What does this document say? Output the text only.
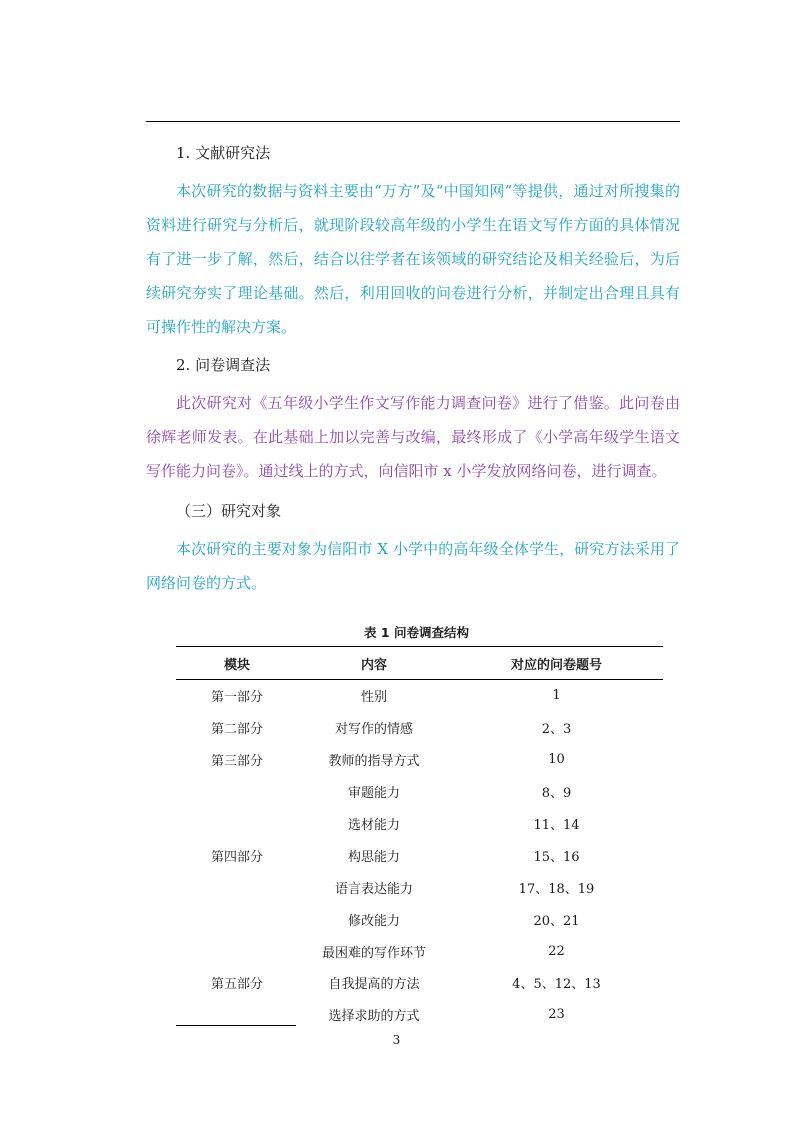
1. 文献研究法

本次研究的数据与资料主要由“万方”及“中国知网”等提供，通过对所搜集的资料进行研究与分析后，就现阶段较高年级的小学生在语文写作方面的具体情况有了进一步了解，然后，结合以往学者在该领域的研究结论及相关经验后，为后续研究夯实了理论基础。然后，利用回收的问卷进行分析，并制定出合理且具有可操作性的解决方案。

2. 问卷调查法

此次研究对《五年级小学生作文写作能力调查问卷》进行了借鉴。此问卷由徐辉老师发表。在此基础上加以完善与改编，最终形成了《小学高年级学生语文写作能力问卷》。通过线上的方式，向信阳市 x 小学发放网络问卷，进行调查。

（三）研究对象

本次研究的主要对象为信阳市 X 小学中的高年级全体学生，研究方法采用了网络问卷的方式。

表 1 问卷调查结构
模块	内容	对应的问卷题号
第一部分	性别	1
第二部分	对写作的情感	2、3
第三部分	教师的指导方式	10
	审题能力	8、9
	选材能力	11、14
第四部分	构思能力	15、16
	语言表达能力	17、18、19
	修改能力	20、21
	最困难的写作环节	22
第五部分	自我提高的方法	4、5、12、13
	选择求助的方式	23
3
